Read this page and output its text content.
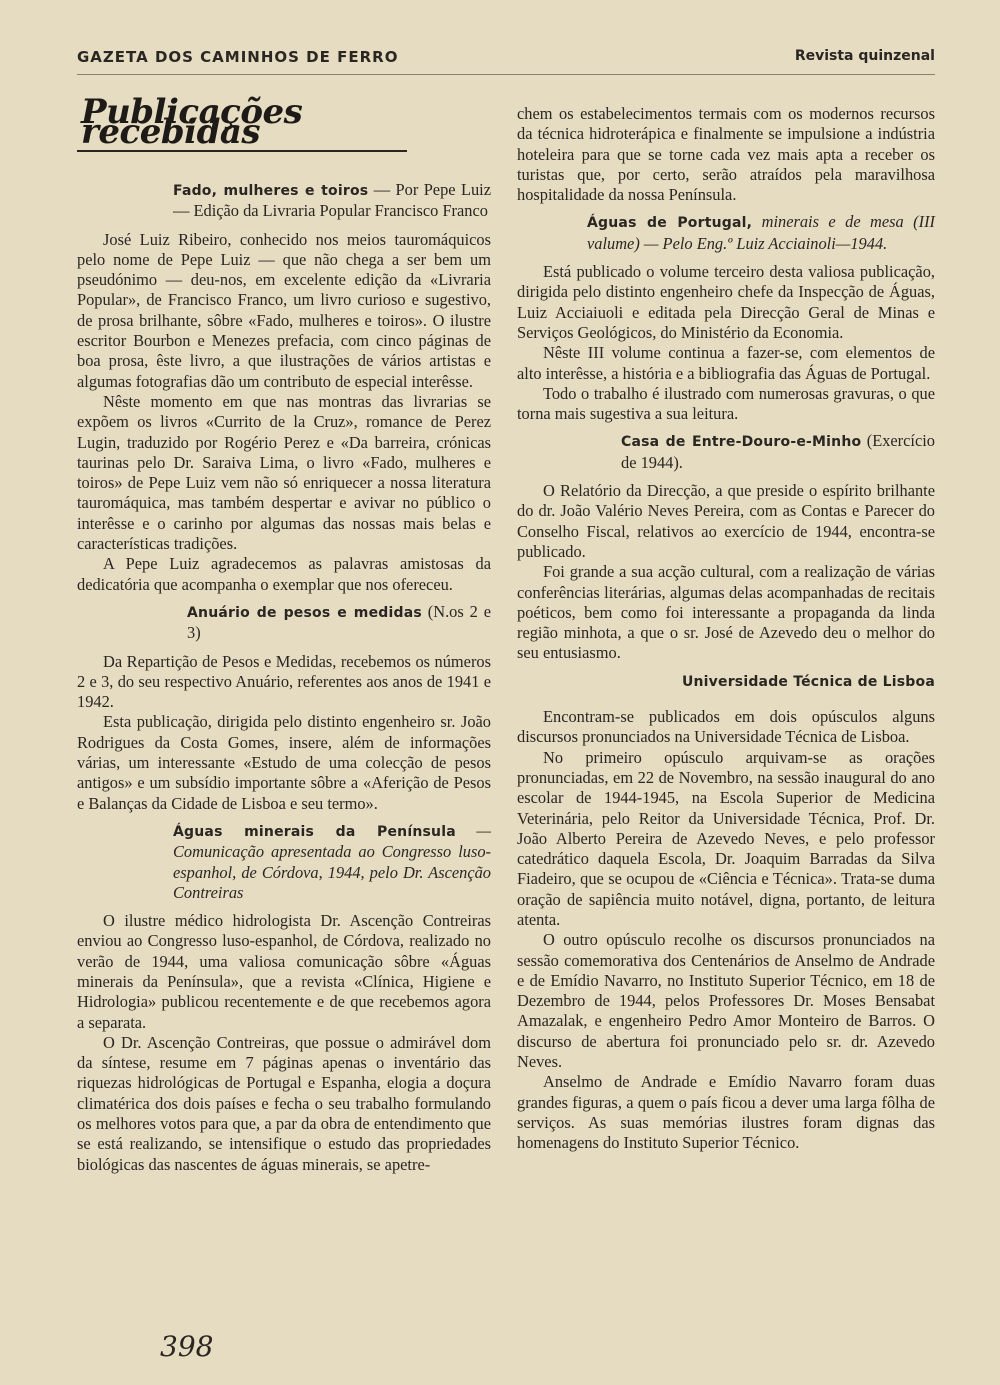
GAZETA DOS CAMINHOS DE FERRO	Revista quinzenal
Publicações recebidas
Fado, mulheres e toiros — Por Pepe Luiz — Edição da Livraria Popular Francisco Franco

José Luiz Ribeiro, conhecido nos meios tauromáquicos pelo nome de Pepe Luiz — que não chega a ser bem um pseudónimo — deu-nos, em excelente edição da «Livraria Popular», de Francisco Franco, um livro curioso e sugestivo, de prosa brilhante, sôbre «Fado, mulheres e toiros». O ilustre escritor Bourbon e Menezes prefacia, com cinco páginas de boa prosa, êste livro, a que ilustrações de vários artistas e algumas fotografias dão um contributo de especial interêsse.

Nêste momento em que nas montras das livrarias se expõem os livros «Currito de la Cruz», romance de Perez Lugin, traduzido por Rogério Perez e «Da barreira, crónicas taurinas pelo Dr. Saraiva Lima, o livro «Fado, mulheres e toiros» de Pepe Luiz vem não só enriquecer a nossa literatura tauromáquica, mas também despertar e avivar no público o interêsse e o carinho por algumas das nossas mais belas e características tradições.

A Pepe Luiz agradecemos as palavras amistosas da dedicatória que acompanha o exemplar que nos ofereceu.

Anuário de pesos e medidas (N.os 2 e 3)

Da Repartição de Pesos e Medidas, recebemos os números 2 e 3, do seu respectivo Anuário, referentes aos anos de 1941 e 1942.

Esta publicação, dirigida pelo distinto engenheiro sr. João Rodrigues da Costa Gomes, insere, além de informações várias, um interessante «Estudo de uma colecção de pesos antigos» e um subsídio importante sôbre a «Aferição de Pesos e Balanças da Cidade de Lisboa e seu termo».

Águas minerais da Península — Comunicação apresentada ao Congresso luso-espanhol, de Córdova, 1944, pelo Dr. Ascenção Contreiras

O ilustre médico hidrologista Dr. Ascenção Contreiras enviou ao Congresso luso-espanhol, de Córdova, realizado no verão de 1944, uma valiosa comunicação sôbre «Águas minerais da Península», que a revista «Clínica, Higiene e Hidrologia» publicou recentemente e de que recebemos agora a separata.

O Dr. Ascenção Contreiras, que possue o admirável dom da síntese, resume em 7 páginas apenas o inventário das riquezas hidrológicas de Portugal e Espanha, elogia a doçura climatérica dos dois países e fecha o seu trabalho formulando os melhores votos para que, a par da obra de entendimento que se está realizando, se intensifique o estudo das propriedades biológicas das nascentes de águas minerais, se apetre-

chem os estabelecimentos termais com os modernos recursos da técnica hidroterápica e finalmente se impulsione a indústria hoteleira para que se torne cada vez mais apta a receber os turistas que, por certo, serão atraídos pela maravilhosa hospitalidade da nossa Península.

Águas de Portugal, minerais e de mesa (III valume) — Pelo Eng.º Luiz Acciainoli—1944.

Está publicado o volume terceiro desta valiosa publicação, dirigida pelo distinto engenheiro chefe da Inspecção de Águas, Luiz Acciaiuoli e editada pela Direcção Geral de Minas e Serviços Geológicos, do Ministério da Economia.

Nêste III volume continua a fazer-se, com elementos de alto interêsse, a história e a bibliografia das Águas de Portugal.

Todo o trabalho é ilustrado com numerosas gravuras, o que torna mais sugestiva a sua leitura.

Casa de Entre-Douro-e-Minho (Exercício de 1944).

O Relatório da Direcção, a que preside o espírito brilhante do dr. João Valério Neves Pereira, com as Contas e Parecer do Conselho Fiscal, relativos ao exercício de 1944, encontra-se publicado.

Foi grande a sua acção cultural, com a realização de várias conferências literárias, algumas delas acompanhadas de recitais poéticos, bem como foi interessante a propaganda da linda região minhota, a que o sr. José de Azevedo deu o melhor do seu entusiasmo.

Universidade Técnica de Lisboa

Encontram-se publicados em dois opúsculos alguns discursos pronunciados na Universidade Técnica de Lisboa.

No primeiro opúsculo arquivam-se as orações pronunciadas, em 22 de Novembro, na sessão inaugural do ano escolar de 1944-1945, na Escola Superior de Medicina Veterinária, pelo Reitor da Universidade Técnica, Prof. Dr. João Alberto Pereira de Azevedo Neves, e pelo professor catedrático daquela Escola, Dr. Joaquim Barradas da Silva Fiadeiro, que se ocupou de «Ciência e Técnica». Trata-se duma oração de sapiência muito notável, digna, portanto, de leitura atenta.

O outro opúsculo recolhe os discursos pronunciados na sessão comemorativa dos Centenários de Anselmo de Andrade e de Emídio Navarro, no Instituto Superior Técnico, em 18 de Dezembro de 1944, pelos Professores Dr. Moses Bensabat Amazalak, e engenheiro Pedro Amor Monteiro de Barros. O discurso de abertura foi pronunciado pelo sr. dr. Azevedo Neves.

Anselmo de Andrade e Emídio Navarro foram duas grandes figuras, a quem o país ficou a dever uma larga fôlha de serviços. As suas memórias ilustres foram dignas das homenagens do Instituto Superior Técnico.

398
